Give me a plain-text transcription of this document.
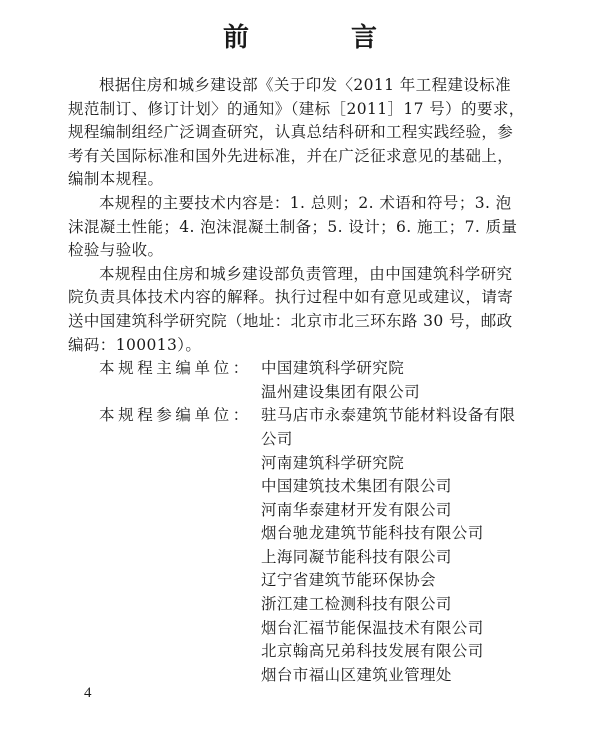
前　言
根据住房和城乡建设部《关于印发〈2011 年工程建设标准
规范制订、修订计划〉的通知》（建标［2011］17 号）的要求，
规程编制组经广泛调查研究，认真总结科研和工程实践经验，参
考有关国际标准和国外先进标准，并在广泛征求意见的基础上，
编制本规程。
本规程的主要技术内容是：1. 总则；2. 术语和符号；3. 泡
沫混凝土性能；4. 泡沫混凝土制备；5. 设计；6. 施工；7. 质量
检验与验收。
本规程由住房和城乡建设部负责管理，由中国建筑科学研究
院负责具体技术内容的解释。执行过程中如有意见或建议，请寄
送中国建筑科学研究院（地址：北京市北三环东路 30 号，邮政
编码：100013）。
本规程主编单位： 中国建筑科学研究院
温州建设集团有限公司
本规程参编单位： 驻马店市永泰建筑节能材料设备有限
公司
河南建筑科学研究院
中国建筑技术集团有限公司
河南华泰建材开发有限公司
烟台驰龙建筑节能科技有限公司
上海同凝节能科技有限公司
辽宁省建筑节能环保协会
浙江建工检测科技有限公司
烟台汇福节能保温技术有限公司
北京翰高兄弟科技发展有限公司
烟台市福山区建筑业管理处
4
